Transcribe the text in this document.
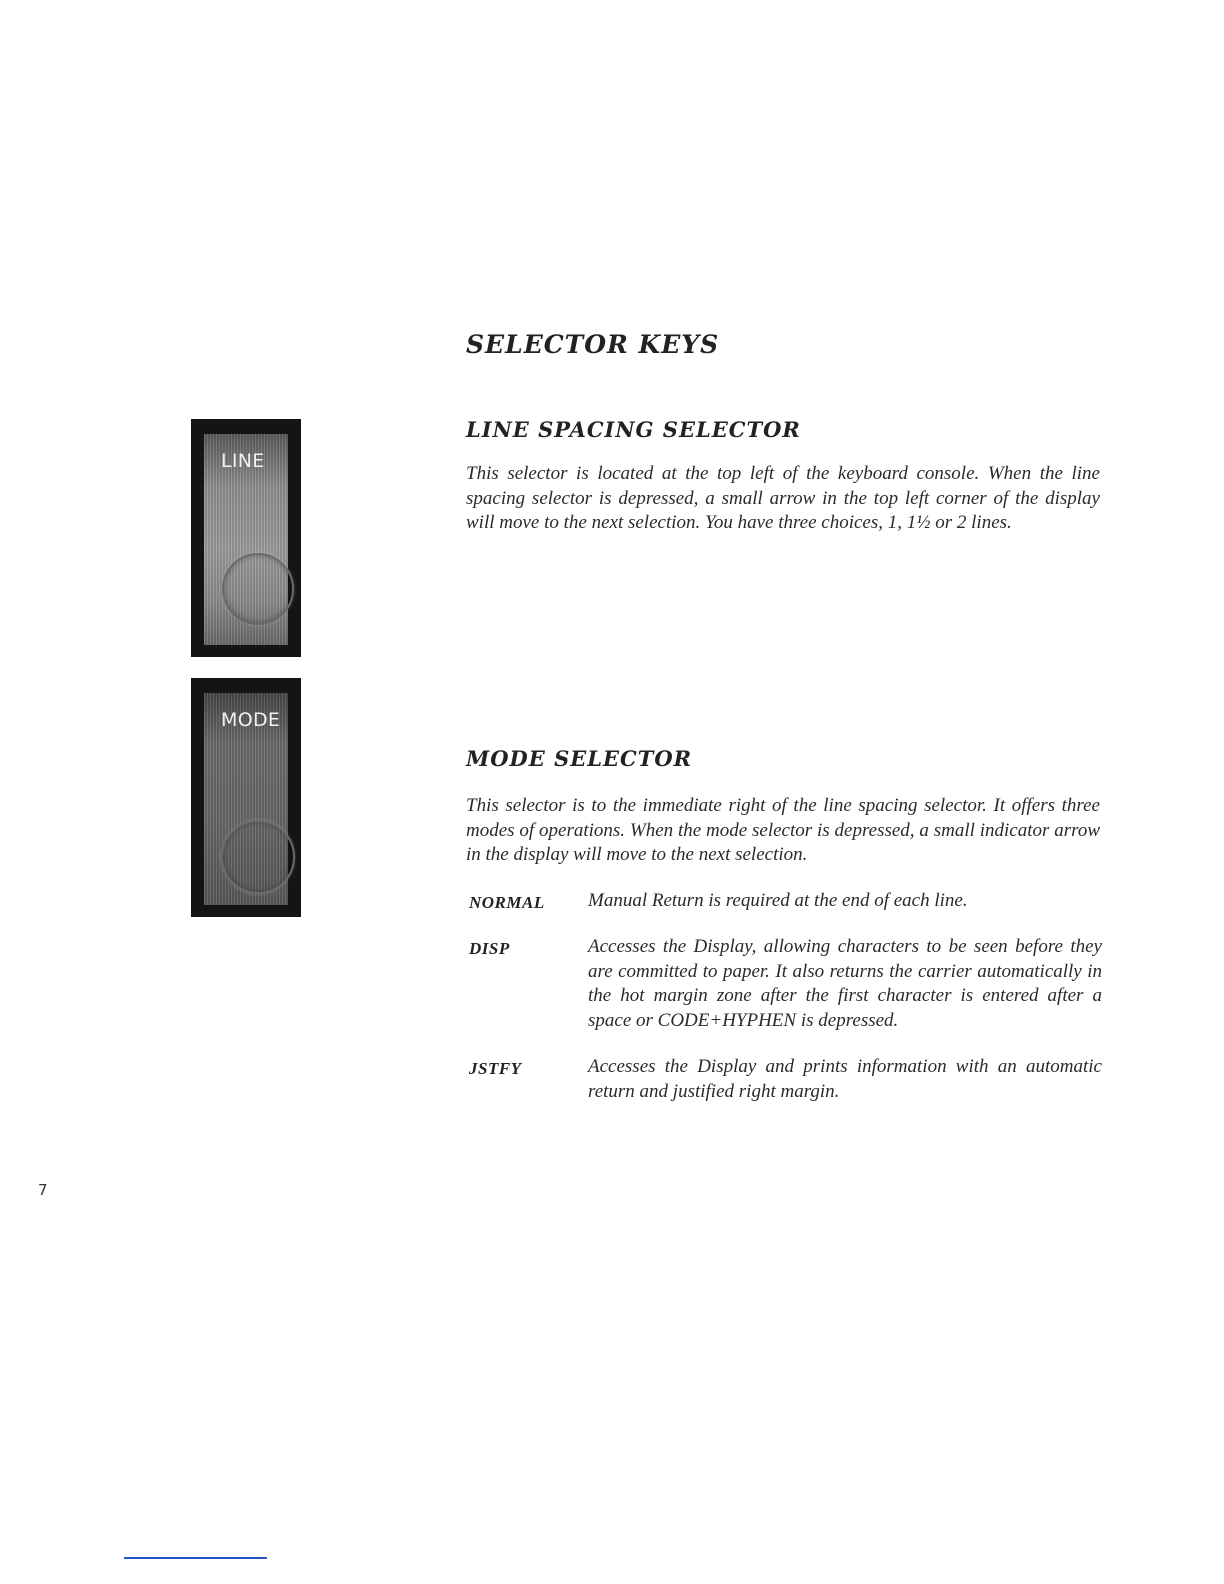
SELECTOR KEYS
LINE
MODE
LINE SPACING SELECTOR

This selector is located at the top left of the keyboard console. When the line spacing selector is depressed, a small arrow in the top left corner of the display will move to the next selection. You have three choices, 1, 1½ or 2 lines.

MODE SELECTOR

This selector is to the immediate right of the line spacing selector. It offers three modes of operations. When the mode selector is depressed, a small indicator arrow in the display will move to the next selection.

NORMAL Manual Return is required at the end of each line.

DISP	Accesses the Display, allowing characters to be seen before they are committed to paper. It also returns the carrier automatically in the hot margin zone after the first character is entered after a space or CODE+HYPHEN is depressed.

JSTFY	Accesses the Display and prints information with an automatic return and justified right margin.

7
